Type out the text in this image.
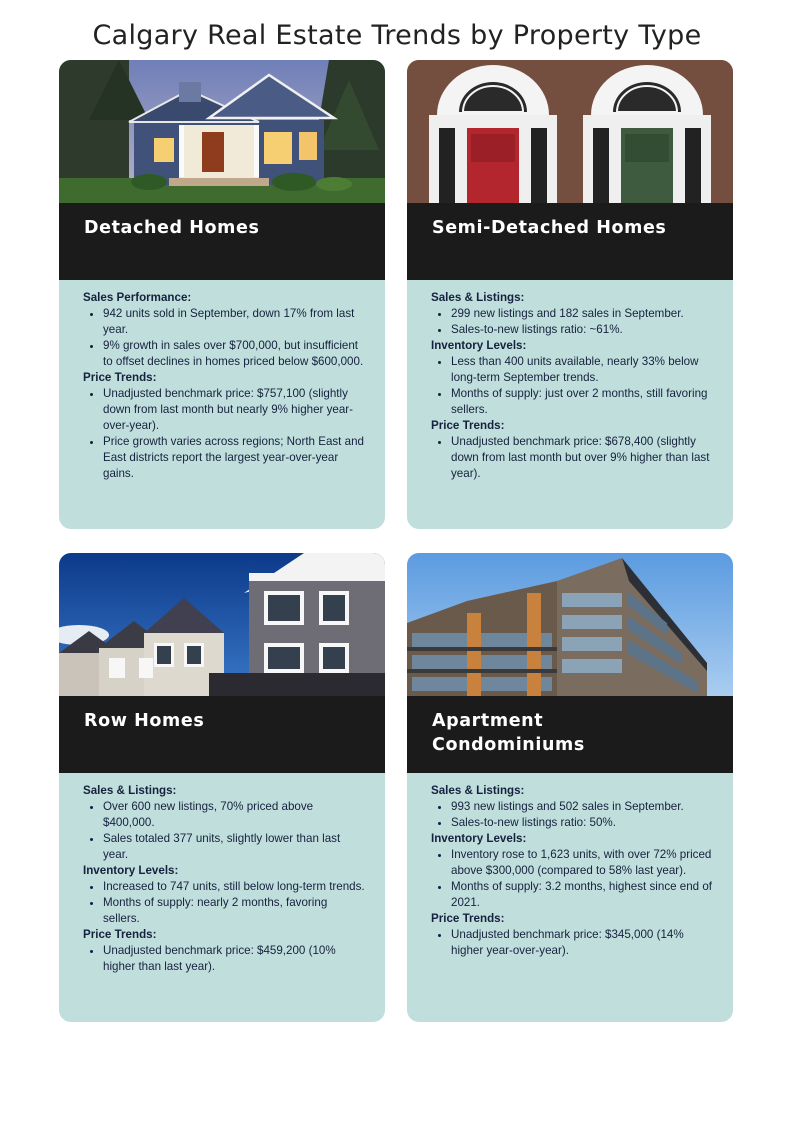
Calgary Real Estate Trends by Property Type
Detached Homes
Sales Performance:
• 942 units sold in September, down 17% from last year.
• 9% growth in sales over $700,000, but insufficient to offset declines in homes priced below $600,000.
Price Trends:
• Unadjusted benchmark price: $757,100 (slightly down from last month but nearly 9% higher year-over-year).
• Price growth varies across regions; North East and East districts report the largest year-over-year gains.
Semi-Detached Homes
Sales & Listings:
• 299 new listings and 182 sales in September.
• Sales-to-new listings ratio: ~61%.
Inventory Levels:
• Less than 400 units available, nearly 33% below long-term September trends.
• Months of supply: just over 2 months, still favoring sellers.
Price Trends:
• Unadjusted benchmark price: $678,400 (slightly down from last month but over 9% higher than last year).
Row Homes
Sales & Listings:
• Over 600 new listings, 70% priced above $400,000.
• Sales totaled 377 units, slightly lower than last year.
Inventory Levels:
• Increased to 747 units, still below long-term trends.
• Months of supply: nearly 2 months, favoring sellers.
Price Trends:
• Unadjusted benchmark price: $459,200 (10% higher than last year).
Apartment Condominiums
Sales & Listings:
• 993 new listings and 502 sales in September.
• Sales-to-new listings ratio: 50%.
Inventory Levels:
• Inventory rose to 1,623 units, with over 72% priced above $300,000 (compared to 58% last year).
• Months of supply: 3.2 months, highest since end of 2021.
Price Trends:
• Unadjusted benchmark price: $345,000 (14% higher year-over-year).
